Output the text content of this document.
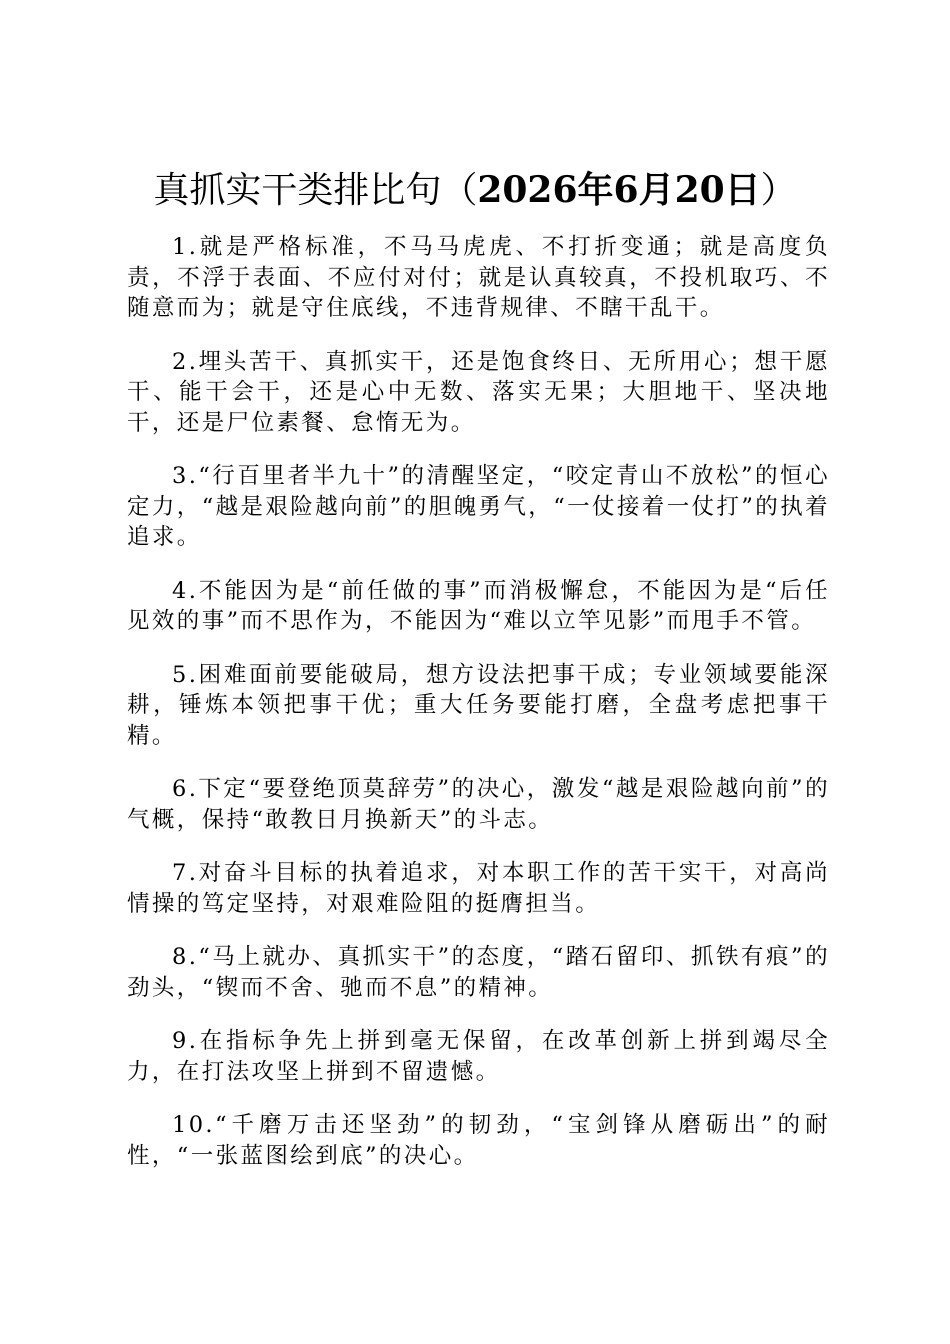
真抓实干类排比句（2026年6月20日）

1.就是严格标准，不马马虎虎、不打折变通；就是高度负责，不浮于表面、不应付对付；就是认真较真，不投机取巧、不随意而为；就是守住底线，不违背规律、不瞎干乱干。

2.埋头苦干、真抓实干，还是饱食终日、无所用心；想干愿干、能干会干，还是心中无数、落实无果；大胆地干、坚决地干，还是尸位素餐、怠惰无为。

3.“行百里者半九十”的清醒坚定，“咬定青山不放松”的恒心定力，“越是艰险越向前”的胆魄勇气，“一仗接着一仗打”的执着追求。

4.不能因为是“前任做的事”而消极懈怠，不能因为是“后任见效的事”而不思作为，不能因为“难以立竿见影”而甩手不管。

5.困难面前要能破局，想方设法把事干成；专业领域要能深耕，锤炼本领把事干优；重大任务要能打磨，全盘考虑把事干精。

6.下定“要登绝顶莫辞劳”的决心，激发“越是艰险越向前”的气概，保持“敢教日月换新天”的斗志。

7.对奋斗目标的执着追求，对本职工作的苦干实干，对高尚情操的笃定坚持，对艰难险阻的挺膺担当。

8.“马上就办、真抓实干”的态度，“踏石留印、抓铁有痕”的劲头，“锲而不舍、驰而不息”的精神。

9.在指标争先上拼到毫无保留，在改革创新上拼到竭尽全力，在打法攻坚上拼到不留遗憾。

10.“千磨万击还坚劲”的韧劲，“宝剑锋从磨砺出”的耐性，“一张蓝图绘到底”的决心。
